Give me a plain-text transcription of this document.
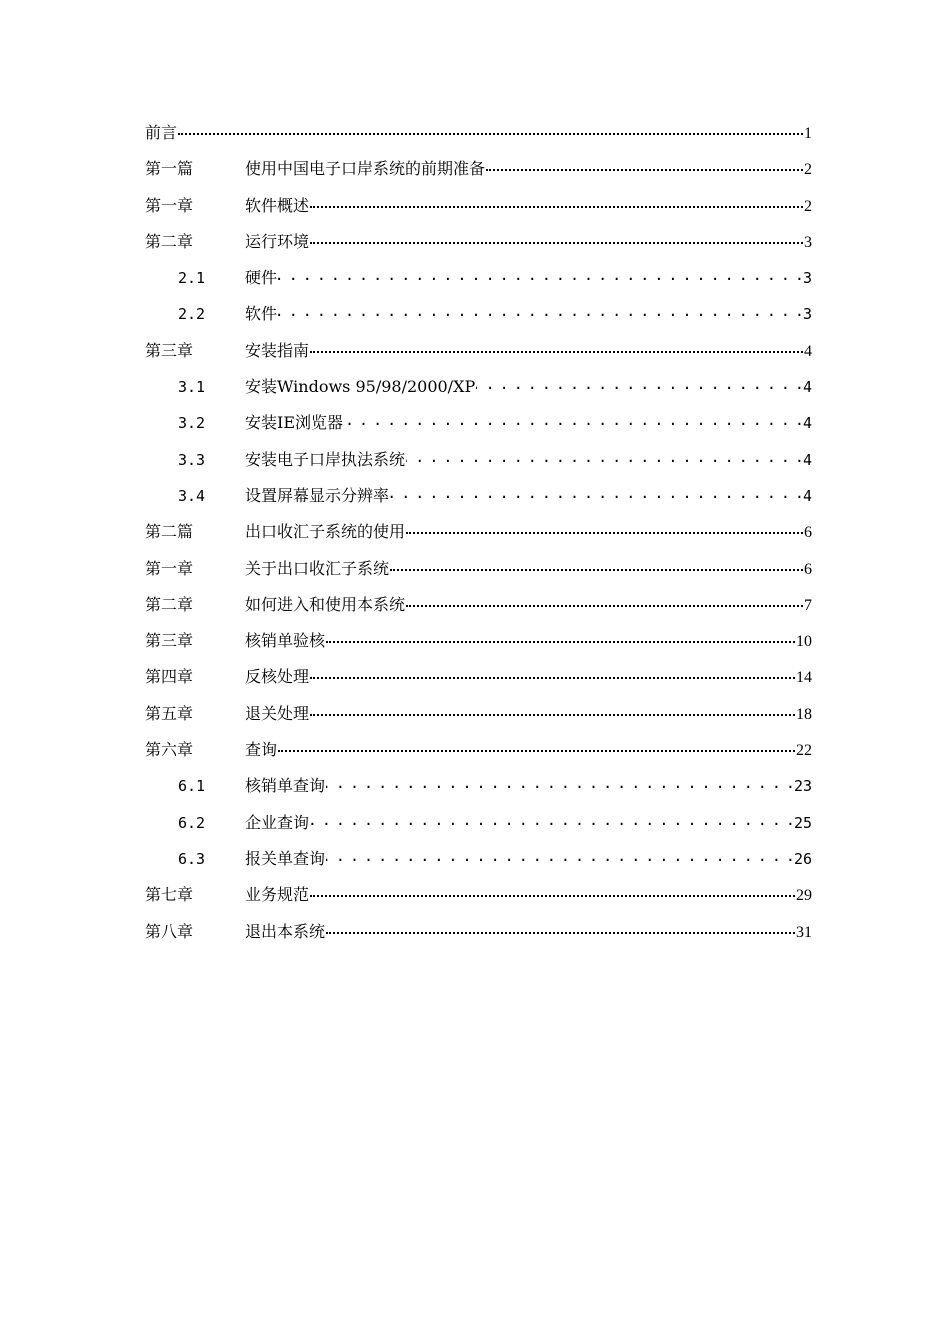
前言	1
第一篇	使用中国电子口岸系统的前期准备	2
第一章	软件概述	2
第二章	运行环境	3
2.1	硬件 . . .	3
2.2	软件 . . .	3
第三章	安装指南	4
3.1	安装Windows 95/98/2000/XP . . .	4
3.2	安装IE浏览器 . . .	4
3.3	安装电子口岸执法系统 . . .	4
3.4	设置屏幕显示分辨率 . . .	4
第二篇	出口收汇子系统的使用	6
第一章	关于出口收汇子系统	6
第二章	如何进入和使用本系统	7
第三章	核销单验核	10
第四章	反核处理	14
第五章	退关处理	18
第六章	查询	22
6.1	核销单查询 . . .	23
6.2	企业查询 . . .	25
6.3	报关单查询 . . .	26
第七章	业务规范	29
第八章	退出本系统	31
